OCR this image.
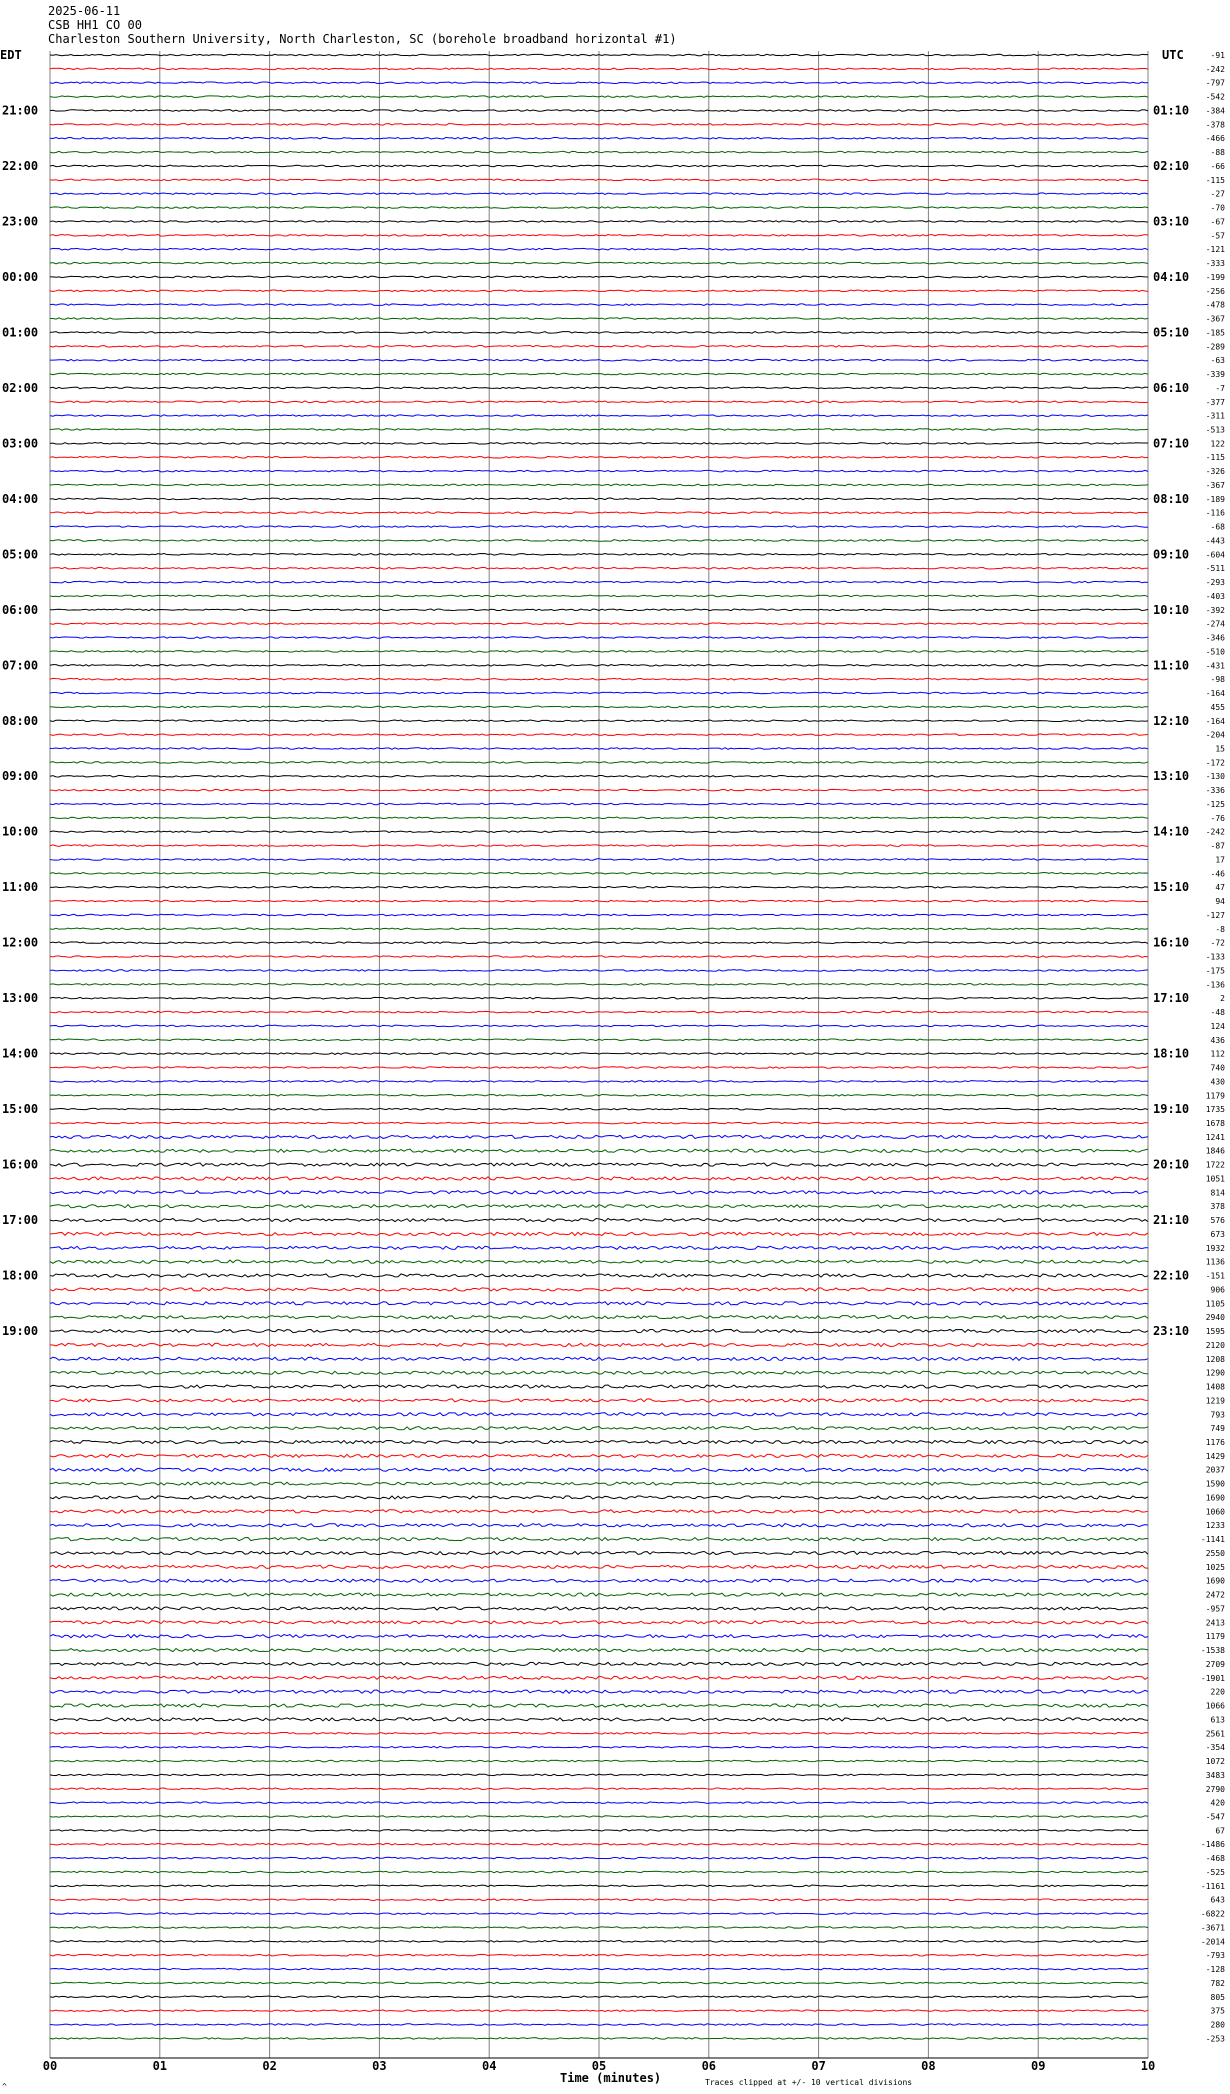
2025-06-11
CSB HH1 CO 00
Charleston Southern University, North Charleston, SC (borehole broadband horizontal #1)
EDT	UTC	-91
-242
-797
-542
-384
-378
-466
-88
-66
-115
-27
-70
-67
-57
-121
-333
-199
-256
-478
-367
-185
-289
-63
-339
-7
-377
-311
-513
122
-115
-326
-367
-189
-116
-68
-443
-604
-511
-293
-403
-392
-274
-346
-510
-431
-98
-164
455
-164
-204
15
-172
-130
-336
-125
-76
-242
-87
17
-46
47
94
-127
-8
-72
-133
-175
-136
2
-48
124
436
112
740
430
1179
1735
1678
1241
1846
1722
1051
814
378
576
673
1932
1136
-151
906
1105
2940
1595
2120
1208
1290
1408
1219
793
749
1176
1429
2037
1590
1690
1060
1233
-1141
2550
1025
1690
2472
-957
2413
1179
-1538
2709
-1901
220
1066
613
2561
-354
1072
3483
2790
420
-547
67
-1486
-468
-525
-1161
643
-6822
-3671
-2014
-793
-128
782
805
375
280
-253
21:00
22:00
23:00
00:00
01:00
02:00
03:00
04:00
05:00
06:00
07:00
08:00
09:00
10:00
11:00
12:00
13:00
14:00
15:00
16:00
17:00
18:00
19:00
01:10
02:10
03:10
04:10
05:10
06:10
07:10
08:10
09:10
10:10
11:10
12:10
13:10
14:10
15:10
16:10
17:10
18:10
19:10
20:10
21:10
22:10
23:10
00	01	02	03	04	05	06	07	08	09	10
Time (minutes)	Traces clipped at +/- 10 vertical divisions
^
